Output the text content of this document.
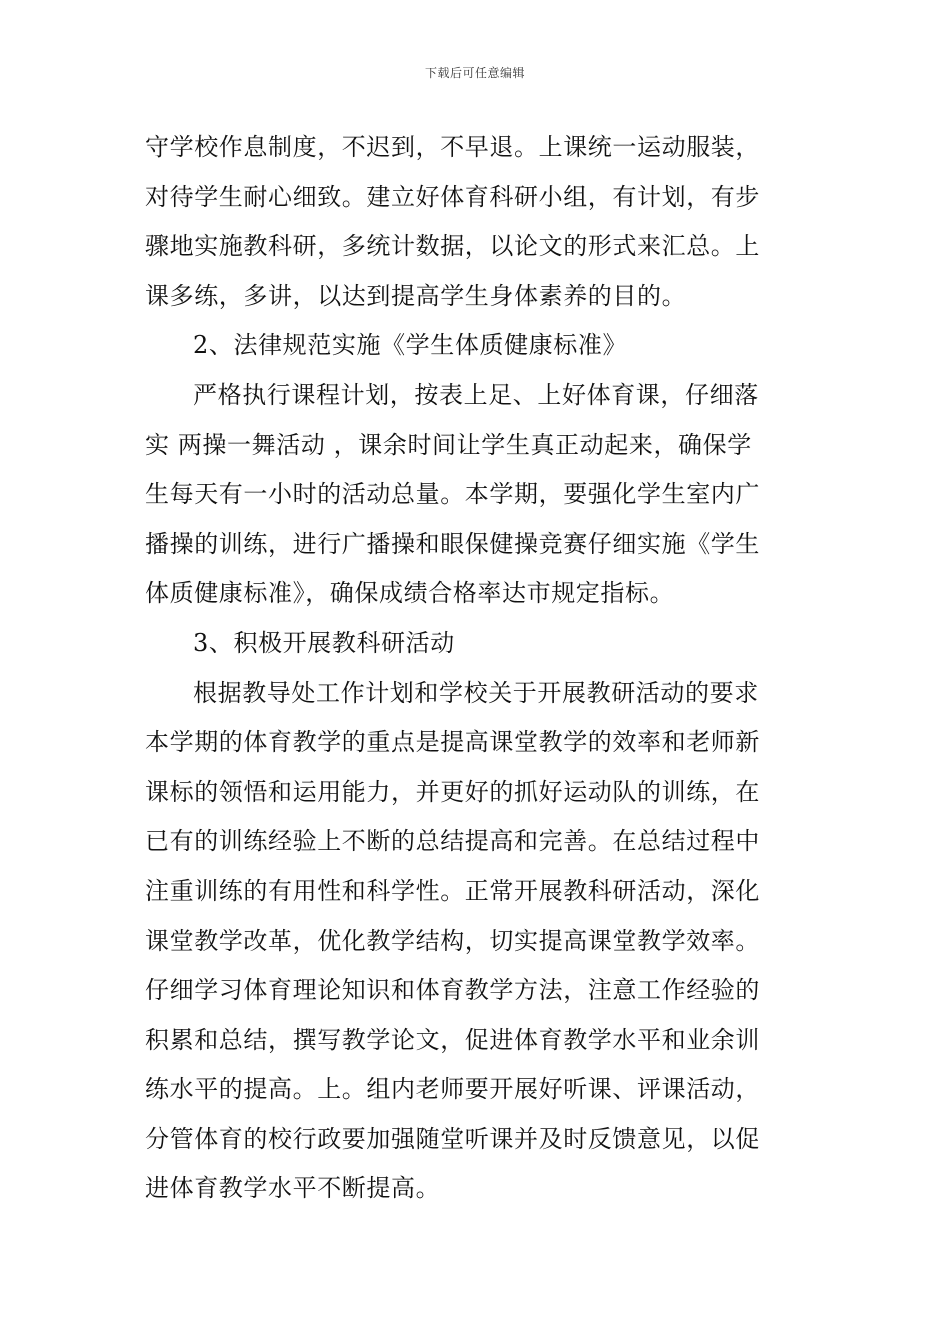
下载后可任意编辑
守学校作息制度，不迟到，不早退。上课统一运动服装，
对待学生耐心细致。建立好体育科研小组，有计划，有步
骤地实施教科研，多统计数据，以论文的形式来汇总。上
课多练，多讲，以达到提高学生身体素养的目的。
2、法律规范实施《学生体质健康标准》
严格执行课程计划，按表上足、上好体育课，仔细落
实 两操一舞活动 ，课余时间让学生真正动起来，确保学
生每天有一小时的活动总量。本学期，要强化学生室内广
播操的训练，进行广播操和眼保健操竞赛仔细实施《学生
体质健康标准》，确保成绩合格率达市规定指标。
3、积极开展教科研活动
根据教导处工作计划和学校关于开展教研活动的要求
本学期的体育教学的重点是提高课堂教学的效率和老师新
课标的领悟和运用能力，并更好的抓好运动队的训练，在
已有的训练经验上不断的总结提高和完善。在总结过程中
注重训练的有用性和科学性。正常开展教科研活动，深化
课堂教学改革，优化教学结构，切实提高课堂教学效率。
仔细学习体育理论知识和体育教学方法，注意工作经验的
积累和总结，撰写教学论文，促进体育教学水平和业余训
练水平的提高。上。组内老师要开展好听课、评课活动，
分管体育的校行政要加强随堂听课并及时反馈意见，以促
进体育教学水平不断提高。
